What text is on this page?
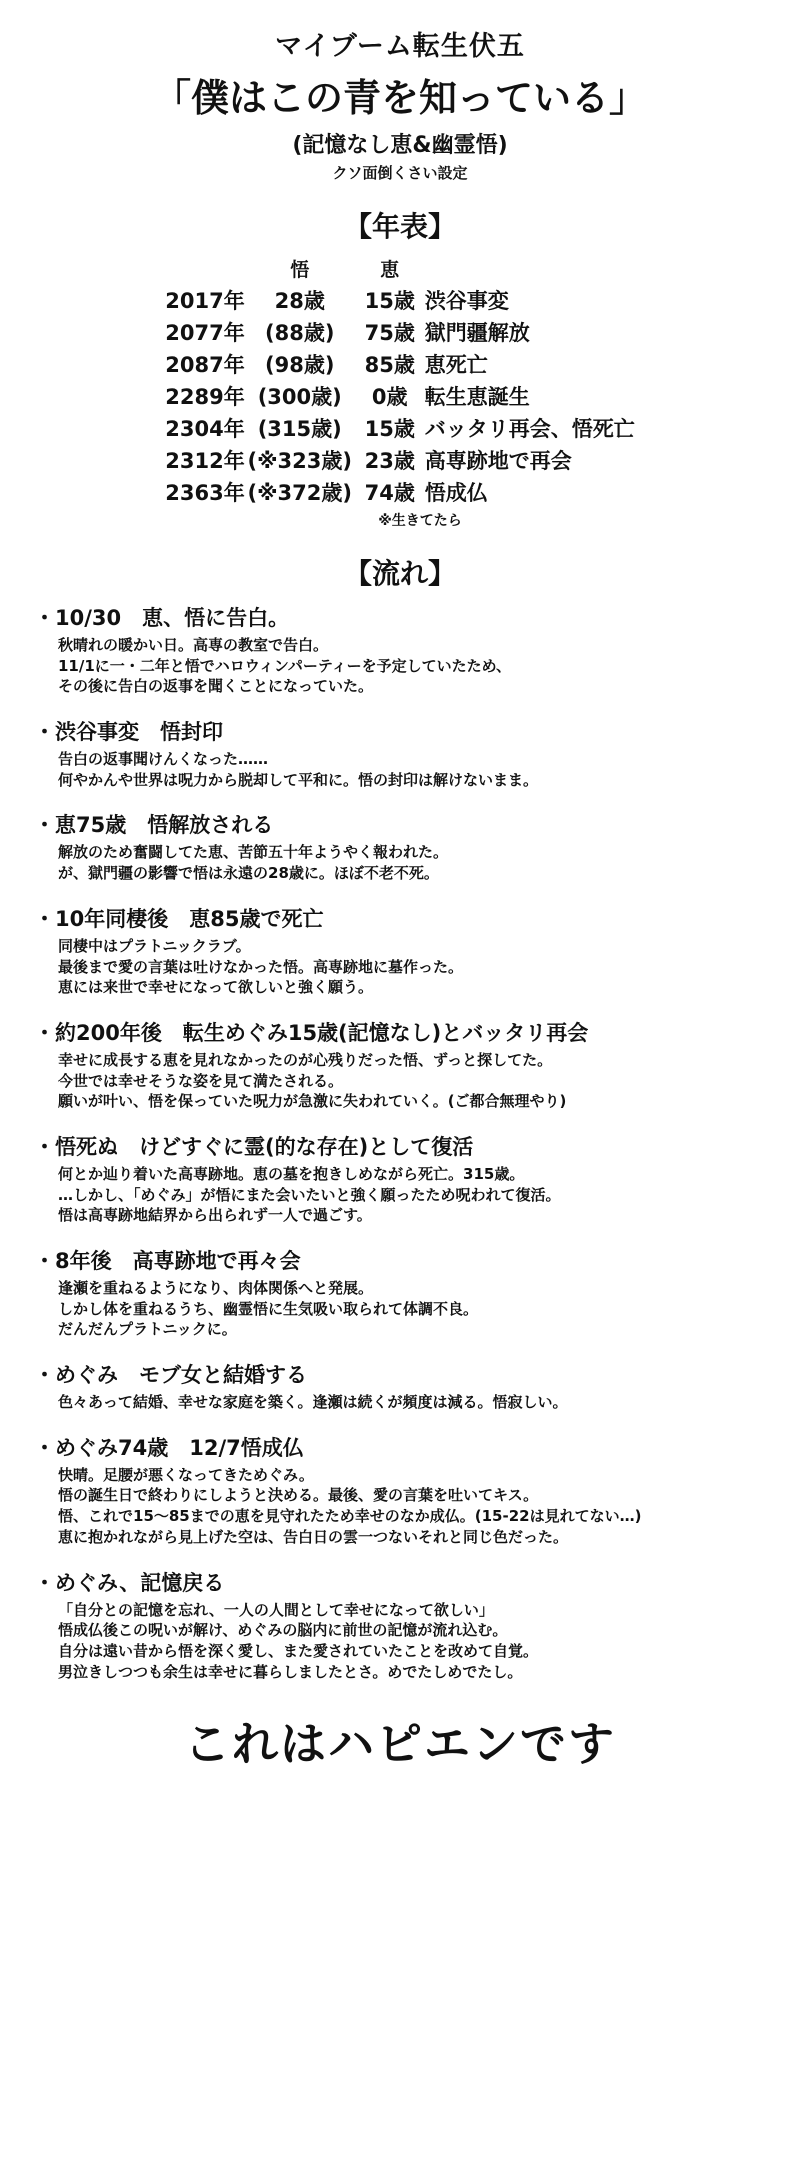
マイブーム転生伏五
「僕はこの青を知っている」
(記憶なし恵&幽霊悟)
クソ面倒くさい設定
【年表】
	悟	恵	
2017年	28歳	15歳	渋谷事変
2077年	(88歳)	75歳	獄門疆解放
2087年	(98歳)	85歳	恵死亡
2289年	(300歳)	0歳	転生恵誕生
2304年	(315歳)	15歳	バッタリ再会、悟死亡
2312年	(※323歳)	23歳	高専跡地で再会
2363年	(※372歳)	74歳	悟成仏
※生きてたら
【流れ】
・10/30　恵、悟に告白。
秋晴れの暖かい日。高専の教室で告白。
11/1に一・二年と悟でハロウィンパーティーを予定していたため、
その後に告白の返事を聞くことになっていた。
・渋谷事変　悟封印
告白の返事聞けんくなった……
何やかんや世界は呪力から脱却して平和に。悟の封印は解けないまま。
・恵75歳　悟解放される
解放のため奮闘してた恵、苦節五十年ようやく報われた。
が、獄門疆の影響で悟は永遠の28歳に。ほぼ不老不死。
・10年同棲後　恵85歳で死亡
同棲中はプラトニックラブ。
最後まで愛の言葉は吐けなかった悟。高専跡地に墓作った。
恵には来世で幸せになって欲しいと強く願う。
・約200年後　転生めぐみ15歳(記憶なし)とバッタリ再会
幸せに成長する恵を見れなかったのが心残りだった悟、ずっと探してた。
今世では幸せそうな姿を見て満たされる。
願いが叶い、悟を保っていた呪力が急激に失われていく。(ご都合無理やり)
・悟死ぬ　けどすぐに霊(的な存在)として復活
何とか辿り着いた高専跡地。恵の墓を抱きしめながら死亡。315歳。
…しかし、「めぐみ」が悟にまた会いたいと強く願ったため呪われて復活。
悟は高専跡地結界から出られず一人で過ごす。
・8年後　高専跡地で再々会
逢瀬を重ねるようになり、肉体関係へと発展。
しかし体を重ねるうち、幽霊悟に生気吸い取られて体調不良。
だんだんプラトニックに。
・めぐみ　モブ女と結婚する
色々あって結婚、幸せな家庭を築く。逢瀬は続くが頻度は減る。悟寂しい。
・めぐみ74歳　12/7悟成仏
快晴。足腰が悪くなってきためぐみ。
悟の誕生日で終わりにしようと決める。最後、愛の言葉を吐いてキス。
悟、これで15〜85までの恵を見守れたため幸せのなか成仏。(15-22は見れてない…)
恵に抱かれながら見上げた空は、告白日の雲一つないそれと同じ色だった。
・めぐみ、記憶戻る
「自分との記憶を忘れ、一人の人間として幸せになって欲しい」
悟成仏後この呪いが解け、めぐみの脳内に前世の記憶が流れ込む。
自分は遠い昔から悟を深く愛し、また愛されていたことを改めて自覚。
男泣きしつつも余生は幸せに暮らしましたとさ。めでたしめでたし。
これはハピエンです
